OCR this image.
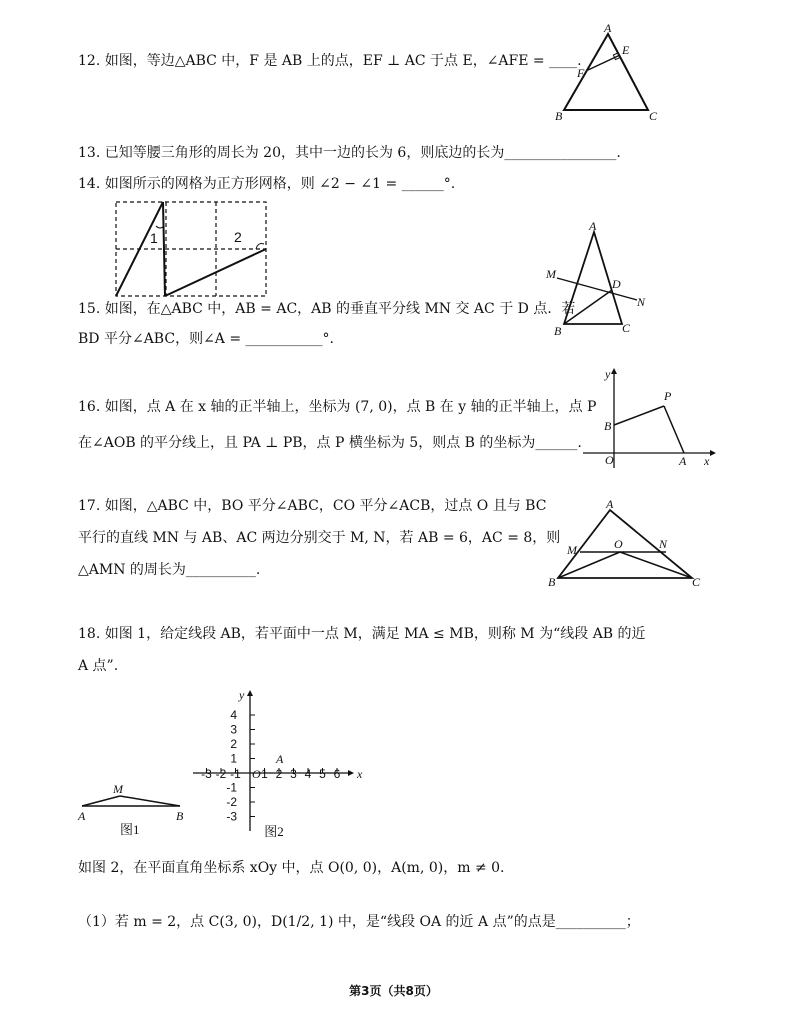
12. 如图，等边△ABC 中，F 是 AB 上的点，EF ⊥ AC 于点 E，∠AFE = ____.
A
E
F
B	C
13. 已知等腰三角形的周长为 20，其中一边的长为 6，则底边的长为________________.
14. 如图所示的网格为正方形网格，则 ∠2 − ∠1 = ______°.
1	2
15. 如图，在△ABC 中，AB = AC，AB 的垂直平分线 MN 交 AC 于 D 点．若
BD 平分∠ABC，则∠A = ___________°.
A
M
D
N
B	C
16. 如图，点 A 在 x 轴的正半轴上，坐标为 (7, 0)，点 B 在 y 轴的正半轴上，点 P
在∠AOB 的平分线上，且 PA ⊥ PB，点 P 横坐标为 5，则点 B 的坐标为______.
y
P
B
O	A x
17. 如图，△ABC 中，BO 平分∠ABC，CO 平分∠ACB，过点 O 且与 BC
平行的直线 MN 与 AB、AC 两边分别交于 M, N，若 AB = 6，AC = 8，则
A
M	O	N
B	C
△AMN 的周长为__________.
18. 如图 1，给定线段 AB，若平面中一点 M，满足 MA ≤ MB，则称 M 为“线段 AB 的近
A 点”.
M
A	B
图1
y
x
4
3
2
1
-1
-2
-3
-3 -2 -1 1 2 3 4 5 6
O
A
图2
如图 2，在平面直角坐标系 xOy 中，点 O(0, 0)，A(m, 0)，m ≠ 0.
（1）若 m = 2，点 C(3, 0)，D(1/2, 1) 中，是“线段 OA 的近 A 点”的点是__________；
第3页（共8页）
